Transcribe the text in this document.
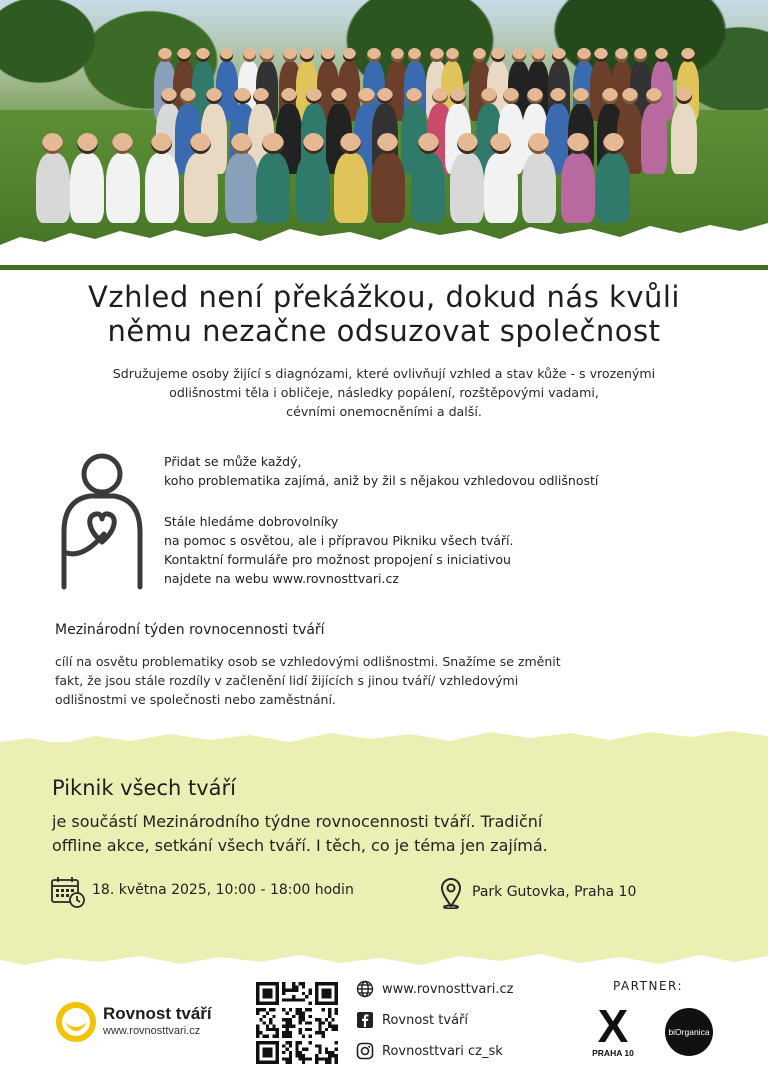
Vzhled není překážkou, dokud nás kvůli
němu nezačne odsuzovat společnost

Sdružujeme osoby žijící s diagnózami, které ovlivňují vzhled a stav kůže - s vrozenými
odlišnostmi těla i obličeje, následky popálení, rozštěpovými vadami,
cévními onemocněními a další.

Přidat se může každý,

koho problematika zajímá, aniž by žil s nějakou vzhledovou odlišností

Stále hledáme dobrovolníky

na pomoc s osvětou, ale i přípravou Pikniku všech tváří.

Kontaktní formuláře pro možnost propojení s iniciativou

najdete na webu www.rovnosttvari.cz

Mezinárodní týden rovnocennosti tváří

cílí na osvětu problematiky osob se vzhledovými odlišnostmi. Snažíme se změnit
fakt, že jsou stále rozdíly v začlenění lidí žijících s jinou tváří/ vzhledovými
odlišnostmi ve společnosti nebo zaměstnání.

Piknik všech tváří

je součástí Mezinárodního týdne rovnocennosti tváří. Tradiční
offline akce, setkání všech tváří. I těch, co je téma jen zajímá.

18. května 2025, 10:00 - 18:00 hodin	Park Gutovka, Praha 10
Rovnost tváří
www.rovnosttvari.cz
www.rovnosttvari.cz
Rovnost tváří
Rovnosttvari cz_sk
PARTNER:
X
PRAHA 10
biOrganica
